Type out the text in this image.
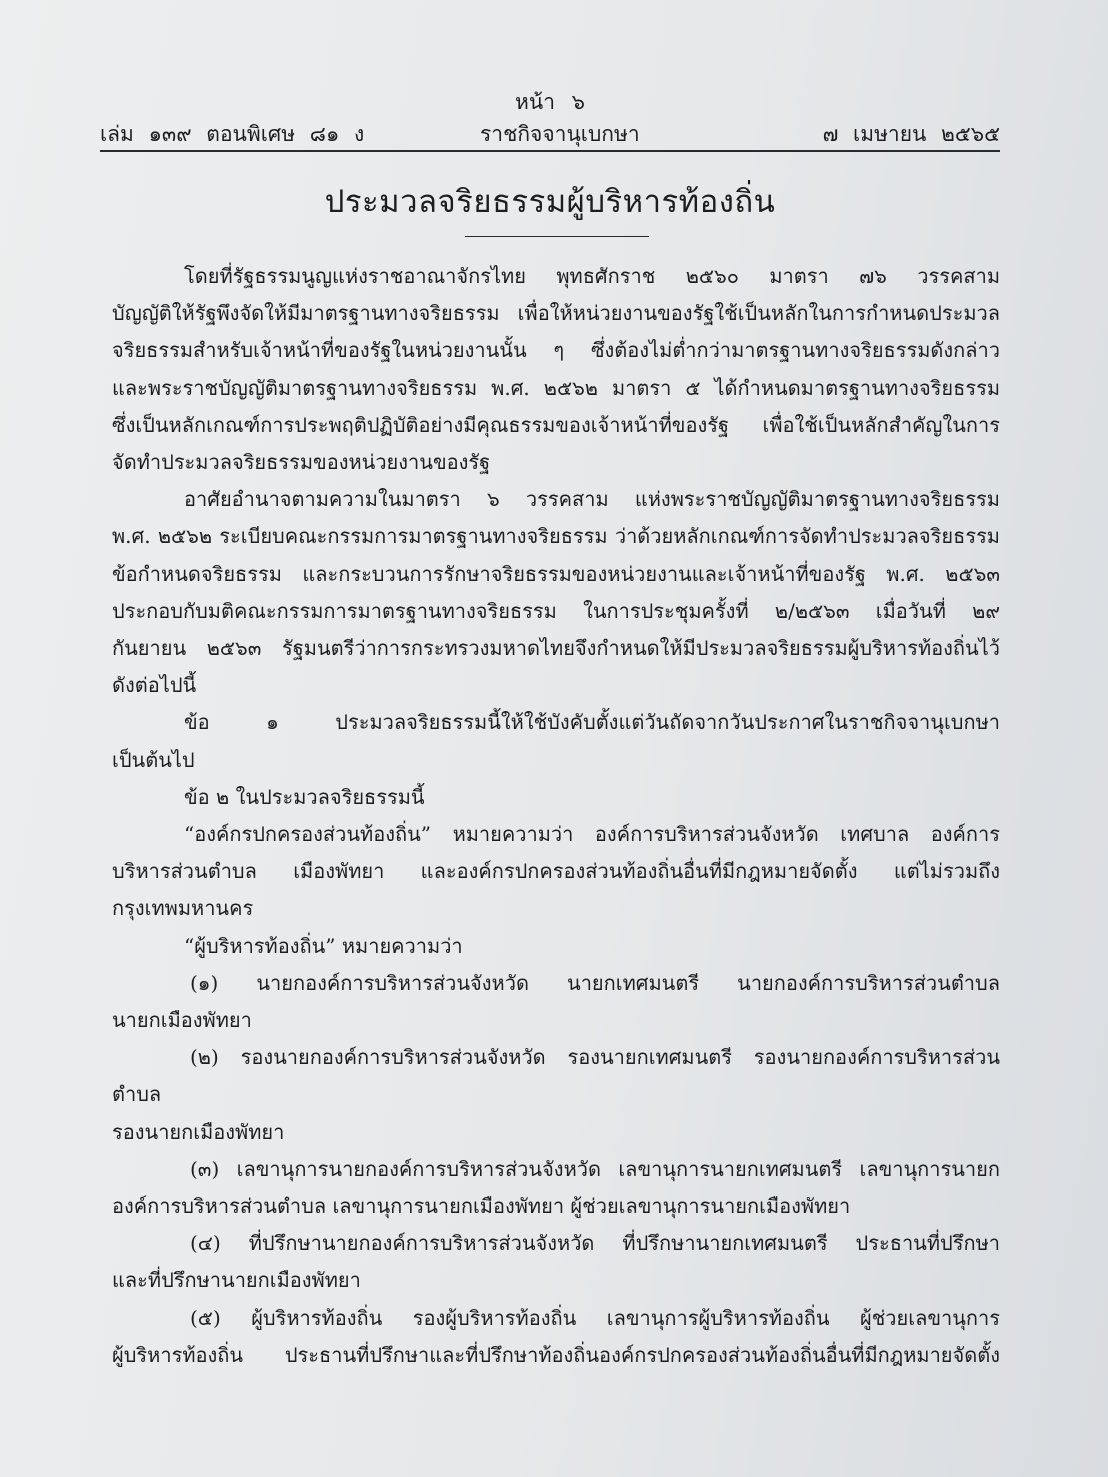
หน้า ๖
เล่ม ๑๓๙ ตอนพิเศษ ๘๑ ง	ราชกิจจานุเบกษา	๗ เมษายน ๒๕๖๕
ประมวลจริยธรรมผู้บริหารท้องถิ่น

โดยที่รัฐธรรมนูญแห่งราชอาณาจักรไทย พุทธศักราช ๒๕๖๐ มาตรา ๗๖ วรรคสาม

บัญญัติให้รัฐพึงจัดให้มีมาตรฐานทางจริยธรรม เพื่อให้หน่วยงานของรัฐใช้เป็นหลักในการกำหนดประมวล

จริยธรรมสำหรับเจ้าหน้าที่ของรัฐในหน่วยงานนั้น ๆ ซึ่งต้องไม่ต่ำกว่ามาตรฐานทางจริยธรรมดังกล่าว

และพระราชบัญญัติมาตรฐานทางจริยธรรม พ.ศ. ๒๕๖๒ มาตรา ๕ ได้กำหนดมาตรฐานทางจริยธรรม

ซึ่งเป็นหลักเกณฑ์การประพฤติปฏิบัติอย่างมีคุณธรรมของเจ้าหน้าที่ของรัฐ เพื่อใช้เป็นหลักสำคัญในการ

จัดทำประมวลจริยธรรมของหน่วยงานของรัฐ

อาศัยอำนาจตามความในมาตรา ๖ วรรคสาม แห่งพระราชบัญญัติมาตรฐานทางจริยธรรม

พ.ศ. ๒๕๖๒ ระเบียบคณะกรรมการมาตรฐานทางจริยธรรม ว่าด้วยหลักเกณฑ์การจัดทำประมวลจริยธรรม

ข้อกำหนดจริยธรรม และกระบวนการรักษาจริยธรรมของหน่วยงานและเจ้าหน้าที่ของรัฐ พ.ศ. ๒๕๖๓

ประกอบกับมติคณะกรรมการมาตรฐานทางจริยธรรม ในการประชุมครั้งที่ ๒/๒๕๖๓ เมื่อวันที่ ๒๙

กันยายน ๒๕๖๓ รัฐมนตรีว่าการกระทรวงมหาดไทยจึงกำหนดให้มีประมวลจริยธรรมผู้บริหารท้องถิ่นไว้

ดังต่อไปนี้

ข้อ ๑ ประมวลจริยธรรมนี้ให้ใช้บังคับตั้งแต่วันถัดจากวันประกาศในราชกิจจานุเบกษา

เป็นต้นไป

ข้อ ๒ ในประมวลจริยธรรมนี้

“องค์กรปกครองส่วนท้องถิ่น” หมายความว่า องค์การบริหารส่วนจังหวัด เทศบาล องค์การ

บริหารส่วนตำบล เมืองพัทยา และองค์กรปกครองส่วนท้องถิ่นอื่นที่มีกฎหมายจัดตั้ง แต่ไม่รวมถึง

กรุงเทพมหานคร

“ผู้บริหารท้องถิ่น” หมายความว่า

(๑) นายกองค์การบริหารส่วนจังหวัด นายกเทศมนตรี นายกองค์การบริหารส่วนตำบล

นายกเมืองพัทยา

(๒) รองนายกองค์การบริหารส่วนจังหวัด รองนายกเทศมนตรี รองนายกองค์การบริหารส่วนตำบล

รองนายกเมืองพัทยา

(๓) เลขานุการนายกองค์การบริหารส่วนจังหวัด เลขานุการนายกเทศมนตรี เลขานุการนายก

องค์การบริหารส่วนตำบล เลขานุการนายกเมืองพัทยา ผู้ช่วยเลขานุการนายกเมืองพัทยา

(๔) ที่ปรึกษานายกองค์การบริหารส่วนจังหวัด ที่ปรึกษานายกเทศมนตรี ประธานที่ปรึกษา

และที่ปรึกษานายกเมืองพัทยา

(๕) ผู้บริหารท้องถิ่น รองผู้บริหารท้องถิ่น เลขานุการผู้บริหารท้องถิ่น ผู้ช่วยเลขานุการ

ผู้บริหารท้องถิ่น ประธานที่ปรึกษาและที่ปรึกษาท้องถิ่นองค์กรปกครองส่วนท้องถิ่นอื่นที่มีกฎหมายจัดตั้ง
